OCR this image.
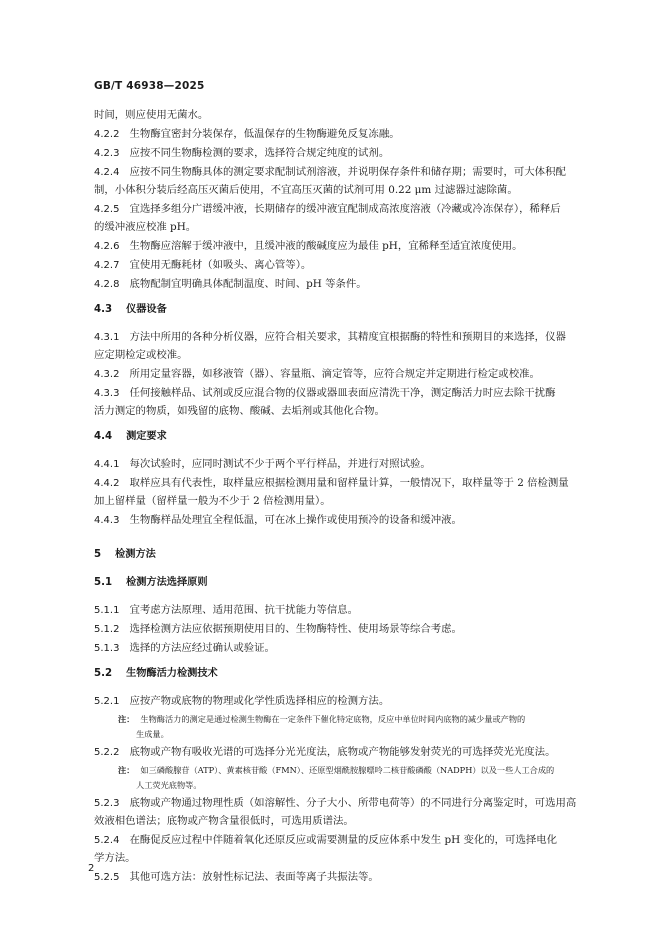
GB/T 46938—2025
时间，则应使用无菌水。
4.2.2 生物酶宜密封分装保存，低温保存的生物酶避免反复冻融。
4.2.3 应按不同生物酶检测的要求，选择符合规定纯度的试剂。
4.2.4 应按不同生物酶具体的测定要求配制试剂溶液，并说明保存条件和储存期；需要时，可大体积配
制，小体积分装后经高压灭菌后使用，不宜高压灭菌的试剂可用 0.22 μm 过滤器过滤除菌。
4.2.5 宜选择多组分广谱缓冲液，长期储存的缓冲液宜配制成高浓度溶液（冷藏或冷冻保存），稀释后
的缓冲液应校准 pH。
4.2.6 生物酶应溶解于缓冲液中，且缓冲液的酸碱度应为最佳 pH，宜稀释至适宜浓度使用。
4.2.7 宜使用无酶耗材（如吸头、离心管等）。
4.2.8 底物配制宜明确具体配制温度、时间、pH 等条件。
4.3 仪器设备
4.3.1 方法中所用的各种分析仪器，应符合相关要求，其精度宜根据酶的特性和预期目的来选择，仪器
应定期检定或校准。
4.3.2 所用定量容器，如移液管（器）、容量瓶、滴定管等，应符合规定并定期进行检定或校准。
4.3.3 任何接触样品、试剂或反应混合物的仪器或器皿表面应清洗干净，测定酶活力时应去除干扰酶
活力测定的物质，如残留的底物、酸碱、去垢剂或其他化合物。
4.4 测定要求
4.4.1 每次试验时，应同时测试不少于两个平行样品，并进行对照试验。
4.4.2 取样应具有代表性，取样量应根据检测用量和留样量计算，一般情况下，取样量等于 2 倍检测量
加上留样量（留样量一般为不少于 2 倍检测用量）。
4.4.3 生物酶样品处理宜全程低温，可在冰上操作或使用预冷的设备和缓冲液。
5 检测方法
5.1 检测方法选择原则
5.1.1 宜考虑方法原理、适用范围、抗干扰能力等信息。
5.1.2 选择检测方法应依据预期使用目的、生物酶特性、使用场景等综合考虑。
5.1.3 选择的方法应经过确认或验证。
5.2 生物酶活力检测技术
5.2.1 应按产物或底物的物理或化学性质选择相应的检测方法。
注： 生物酶活力的测定是通过检测生物酶在一定条件下催化特定底物，反应中单位时间内底物的减少量或产物的
生成量。
5.2.2 底物或产物有吸收光谱的可选择分光光度法，底物或产物能够发射荧光的可选择荧光光度法。
注： 如三磷酸腺苷（ATP）、黄素核苷酸（FMN）、还原型烟酰胺腺嘌呤二核苷酸磷酸（NADPH）以及一些人工合成的
人工荧光底物等。
5.2.3 底物或产物通过物理性质（如溶解性、分子大小、所带电荷等）的不同进行分离鉴定时，可选用高
效液相色谱法；底物或产物含量很低时，可选用质谱法。
5.2.4 在酶促反应过程中伴随着氧化还原反应或需要测量的反应体系中发生 pH 变化的，可选择电化
学方法。
5.2.5 其他可选方法：放射性标记法、表面等离子共振法等。
2
